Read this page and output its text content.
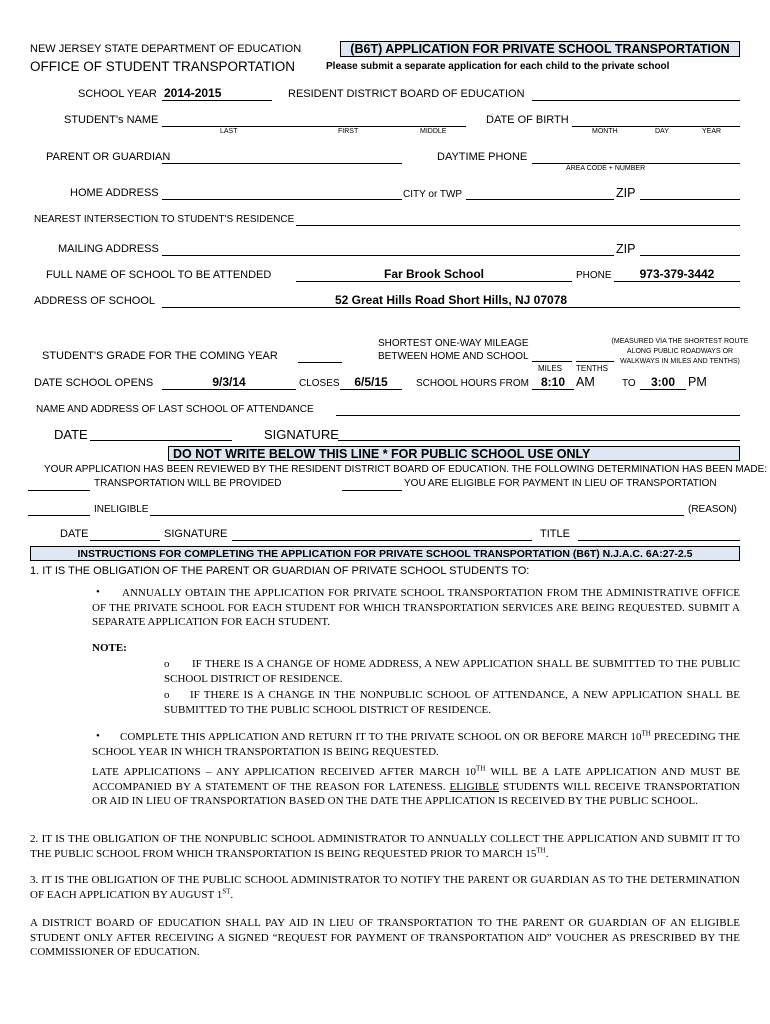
NEW JERSEY STATE DEPARTMENT OF EDUCATION
OFFICE OF STUDENT TRANSPORTATION
(B6T) APPLICATION FOR PRIVATE SCHOOL TRANSPORTATION
Please submit a separate application for each child to the private school
SCHOOL YEAR 2014-2015	RESIDENT DISTRICT BOARD OF EDUCATION
STUDENT's NAME
LAST	FIRST	MIDDLE
DATE OF BIRTH
MONTH	DAY	YEAR
PARENT OR GUARDIAN	DAYTIME PHONE
AREA CODE + NUMBER
HOME ADDRESS	CITY or TWP	ZIP
NEAREST INTERSECTION TO STUDENT'S RESIDENCE
MAILING ADDRESS	ZIP
FULL NAME OF SCHOOL TO BE ATTENDED	Far Brook School	PHONE	973-379-3442
ADDRESS OF SCHOOL	52 Great Hills Road Short Hills, NJ 07078
SHORTEST ONE-WAY MILEAGE
BETWEEN HOME AND SCHOOL
MILES TENTHS
(MEASURED VIA THE SHORTEST ROUTE
ALONG PUBLIC ROADWAYS OR
WALKWAYS IN MILES AND TENTHS)
STUDENT'S GRADE FOR THE COMING YEAR
DATE SCHOOL OPENS	9/3/14	CLOSES	6/5/15	SCHOOL HOURS FROM	8:10 AM	TO	3:00	PM
NAME AND ADDRESS OF LAST SCHOOL OF ATTENDANCE
DATE	SIGNATURE
DO NOT WRITE BELOW THIS LINE * FOR PUBLIC SCHOOL USE ONLY
YOUR APPLICATION HAS BEEN REVIEWED BY THE RESIDENT DISTRICT BOARD OF EDUCATION. THE FOLLOWING DETERMINATION HAS BEEN MADE:
TRANSPORTATION WILL BE PROVIDED	YOU ARE ELIGIBLE FOR PAYMENT IN LIEU OF TRANSPORTATION
INELIGIBLE	(REASON)
DATE	SIGNATURE	TITLE
INSTRUCTIONS FOR COMPLETING THE APPLICATION FOR PRIVATE SCHOOL TRANSPORTATION (B6T) N.J.A.C. 6A:27-2.5
1. IT IS THE OBLIGATION OF THE PARENT OR GUARDIAN OF PRIVATE SCHOOL STUDENTS TO:
•	ANNUALLY OBTAIN THE APPLICATION FOR PRIVATE SCHOOL TRANSPORTATION FROM THE ADMINISTRATIVE OFFICE OF THE PRIVATE SCHOOL FOR EACH STUDENT FOR WHICH TRANSPORTATION SERVICES ARE BEING REQUESTED. SUBMIT A SEPARATE APPLICATION FOR EACH STUDENT.
NOTE:
o	IF THERE IS A CHANGE OF HOME ADDRESS, A NEW APPLICATION SHALL BE SUBMITTED TO THE PUBLIC SCHOOL DISTRICT OF RESIDENCE.
o	IF THERE IS A CHANGE IN THE NONPUBLIC SCHOOL OF ATTENDANCE, A NEW APPLICATION SHALL BE SUBMITTED TO THE PUBLIC SCHOOL DISTRICT OF RESIDENCE.
•	COMPLETE THIS APPLICATION AND RETURN IT TO THE PRIVATE SCHOOL ON OR BEFORE MARCH 10TH PRECEDING THE SCHOOL YEAR IN WHICH TRANSPORTATION IS BEING REQUESTED.
LATE APPLICATIONS – ANY APPLICATION RECEIVED AFTER MARCH 10TH WILL BE A LATE APPLICATION AND MUST BE ACCOMPANIED BY A STATEMENT OF THE REASON FOR LATENESS. ELIGIBLE STUDENTS WILL RECEIVE TRANSPORTATION OR AID IN LIEU OF TRANSPORTATION BASED ON THE DATE THE APPLICATION IS RECEIVED BY THE PUBLIC SCHOOL.
2. IT IS THE OBLIGATION OF THE NONPUBLIC SCHOOL ADMINISTRATOR TO ANNUALLY COLLECT THE APPLICATION AND SUBMIT IT TO THE PUBLIC SCHOOL FROM WHICH TRANSPORTATION IS BEING REQUESTED PRIOR TO MARCH 15TH.
3. IT IS THE OBLIGATION OF THE PUBLIC SCHOOL ADMINISTRATOR TO NOTIFY THE PARENT OR GUARDIAN AS TO THE DETERMINATION OF EACH APPLICATION BY AUGUST 1ST.
A DISTRICT BOARD OF EDUCATION SHALL PAY AID IN LIEU OF TRANSPORTATION TO THE PARENT OR GUARDIAN OF AN ELIGIBLE STUDENT ONLY AFTER RECEIVING A SIGNED “REQUEST FOR PAYMENT OF TRANSPORTATION AID” VOUCHER AS PRESCRIBED BY THE COMMISSIONER OF EDUCATION.
